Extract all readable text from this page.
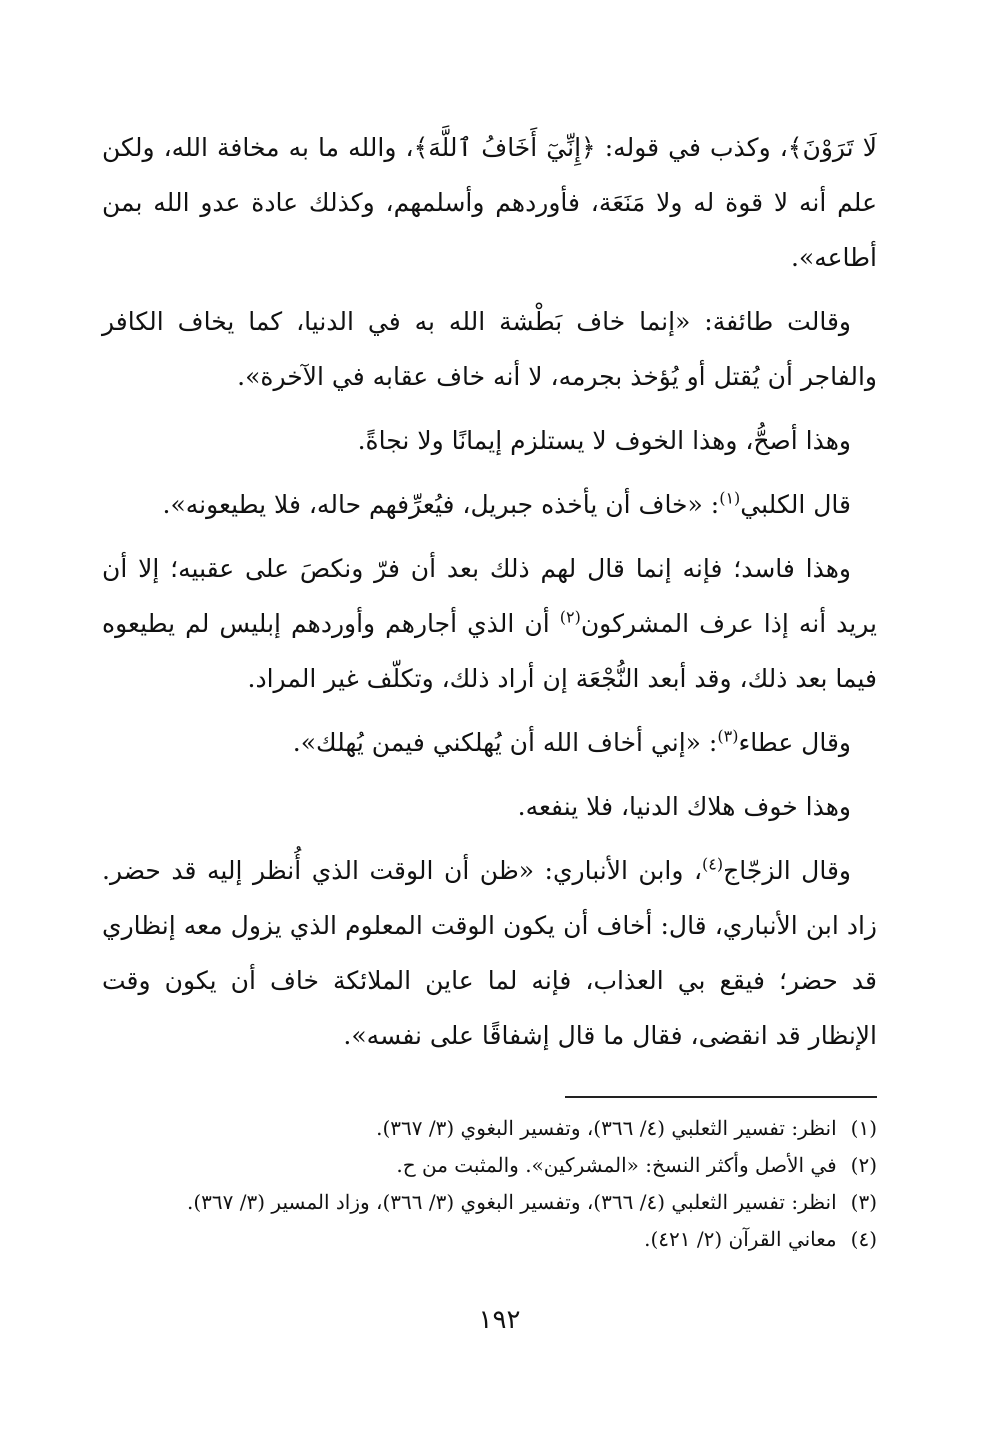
لَا تَرَوْنَ﴾، وكذب في قوله: ﴿إِنِّيٓ أَخَافُ ٱللَّهَ﴾، والله ما به مخافة الله، ولكن علم أنه لا قوة له ولا مَنَعَة، فأوردهم وأسلمهم، وكذلك عادة عدو الله بمن أطاعه».

وقالت طائفة: «إنما خاف بَطْشة الله به في الدنيا، كما يخاف الكافر والفاجر أن يُقتل أو يُؤخذ بجرمه، لا أنه خاف عقابه في الآخرة».

وهذا أصحُّ، وهذا الخوف لا يستلزم إيمانًا ولا نجاةً.

قال الكلبي$^{(١)}$: «خاف أن يأخذه جبريل، فيُعرِّفهم حاله، فلا يطيعونه».

وهذا فاسد؛ فإنه إنما قال لهم ذلك بعد أن فرّ ونكصَ على عقبيه؛ إلا أن يريد أنه إذا عرف المشركون$^{(٢)}$ أن الذي أجارهم وأوردهم إبليس لم يطيعوه فيما بعد ذلك، وقد أبعد النُّجْعَة إن أراد ذلك، وتكلّف غير المراد.

وقال عطاء$^{(٣)}$: «إني أخاف الله أن يُهلكني فيمن يُهلك».

وهذا خوف هلاك الدنيا، فلا ينفعه.

وقال الزجّاج$^{(٤)}$، وابن الأنباري: «ظن أن الوقت الذي أُنظر إليه قد حضر. زاد ابن الأنباري، قال: أخاف أن يكون الوقت المعلوم الذي يزول معه إنظاري قد حضر؛ فيقع بي العذاب، فإنه لما عاين الملائكة خاف أن يكون وقت الإنظار قد انقضى، فقال ما قال إشفاقًا على نفسه».

(١) انظر: تفسير الثعلبي (٤/ ٣٦٦)، وتفسير البغوي (٣/ ٣٦٧).
(٢) في الأصل وأكثر النسخ: «المشركين». والمثبت من ح.
(٣) انظر: تفسير الثعلبي (٤/ ٣٦٦)، وتفسير البغوي (٣/ ٣٦٦)، وزاد المسير (٣/ ٣٦٧).
(٤) معاني القرآن (٢/ ٤٢١).
١٩٢
